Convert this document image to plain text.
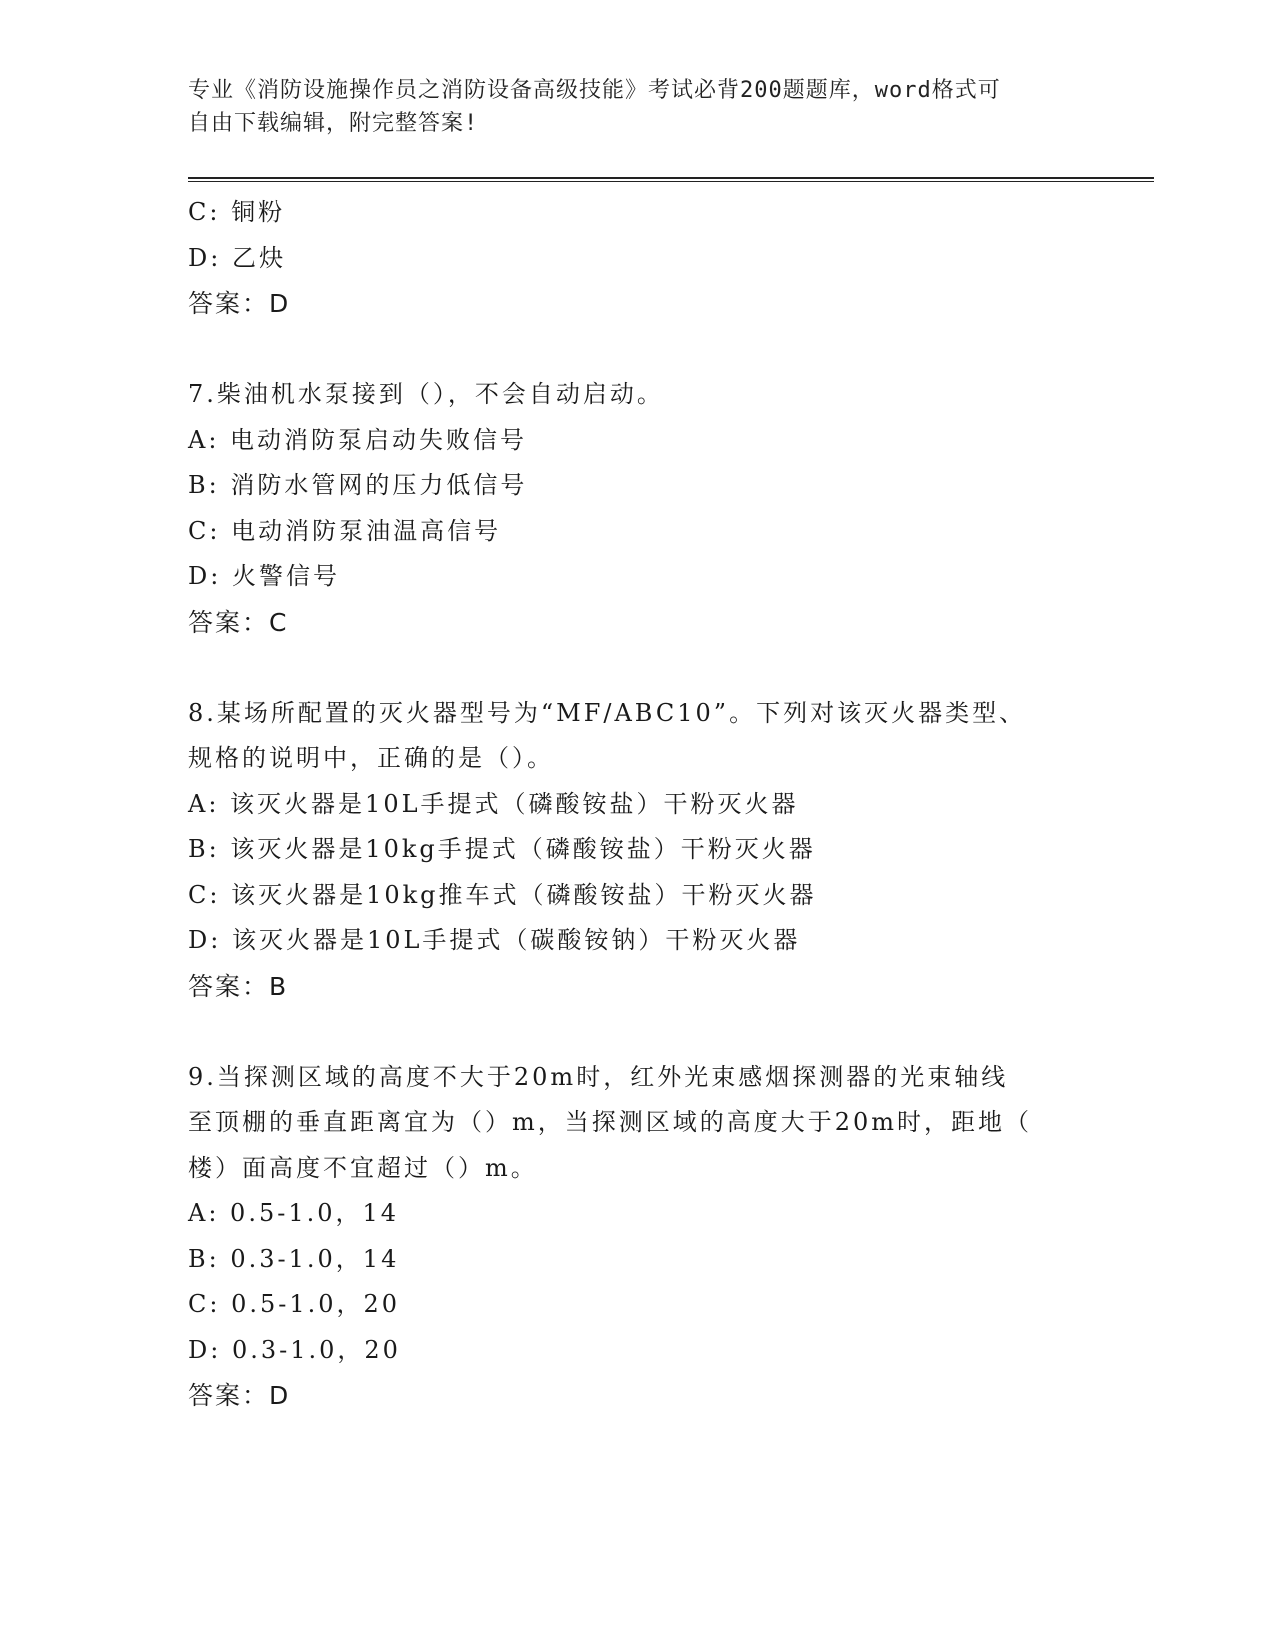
专业《消防设施操作员之消防设备高级技能》考试必背200题题库，word格式可
自由下载编辑，附完整答案!
C: 铜粉
D: 乙炔
答案：D
7.柴油机水泵接到（），不会自动启动。
A: 电动消防泵启动失败信号
B: 消防水管网的压力低信号
C: 电动消防泵油温高信号
D: 火警信号
答案：C
8.某场所配置的灭火器型号为“MF/ABC10”。下列对该灭火器类型、
规格的说明中，正确的是（）。
A: 该灭火器是10L手提式（磷酸铵盐）干粉灭火器
B: 该灭火器是10kg手提式（磷酸铵盐）干粉灭火器
C: 该灭火器是10kg推车式（磷酸铵盐）干粉灭火器
D: 该灭火器是10L手提式（碳酸铵钠）干粉灭火器
答案：B
9.当探测区域的高度不大于20m时，红外光束感烟探测器的光束轴线
至顶棚的垂直距离宜为（）m，当探测区域的高度大于20m时，距地（
楼）面高度不宜超过（）m。
A: 0.5-1.0，14
B: 0.3-1.0，14
C: 0.5-1.0，20
D: 0.3-1.0，20
答案：D
